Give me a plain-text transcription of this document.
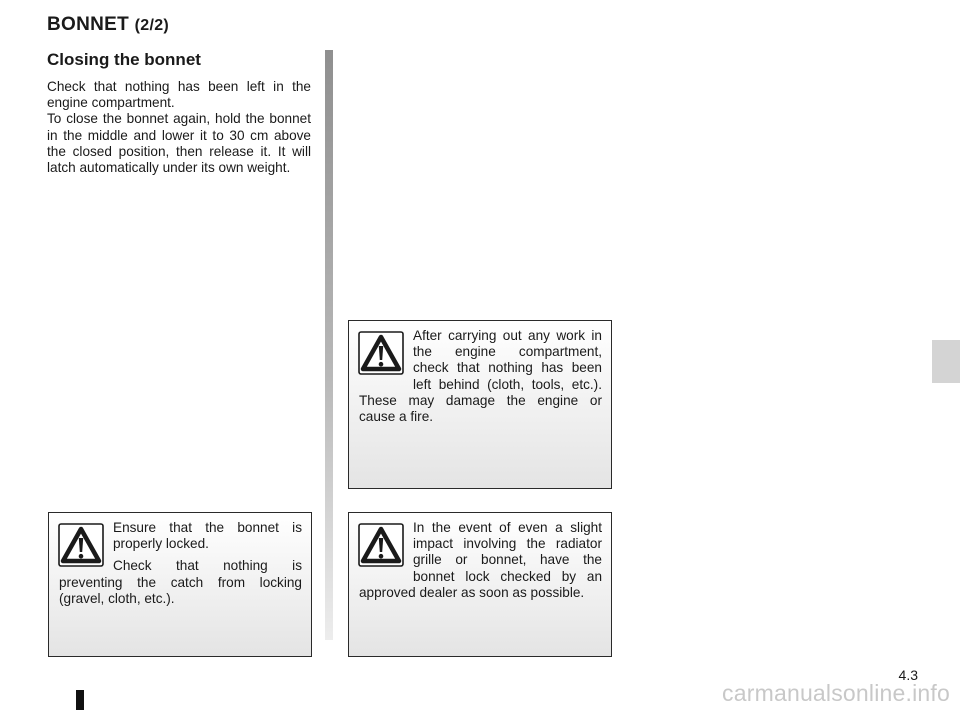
BONNET (2/2)
Closing the bonnet

Check that nothing has been left in the engine compartment.

To close the bonnet again, hold the bonnet in the middle and lower it to 30 cm above the closed position, then release it. It will latch automatically under its own weight.

After carrying out any work in the engine compartment, check that nothing has been left behind (cloth, tools, etc.). These may damage the engine or cause a fire.

Ensure that the bonnet is properly locked.

Check that nothing is preventing the catch from locking (gravel, cloth, etc.).

In the event of even a slight impact involving the radiator grille or bonnet, have the bonnet lock checked by an approved dealer as soon as possible.

4.3
carmanualsonline.info
